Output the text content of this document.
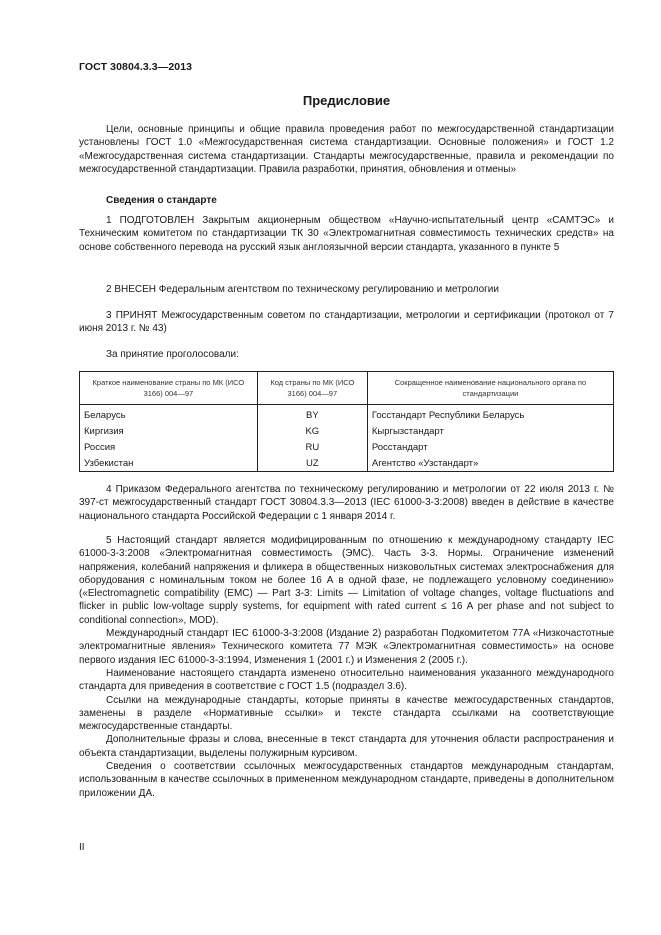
ГОСТ 30804.3.3—2013
Предисловие

Цели, основные принципы и общие правила проведения работ по межгосударственной стандартизации установлены ГОСТ 1.0 «Межгосударственная система стандартизации. Основные положения» и ГОСТ 1.2 «Межгосударственная система стандартизации. Стандарты межгосударственные, правила и рекомендации по межгосударственной стандартизации. Правила разработки, принятия, обновления и отмены»

Сведения о стандарте

1 ПОДГОТОВЛЕН Закрытым акционерным обществом «Научно-испытательный центр «САМТЭС» и Техническим комитетом по стандартизации ТК 30 «Электромагнитная совместимость технических средств» на основе собственного перевода на русский язык англоязычной версии стандарта, указанного в пункте 5

2 ВНЕСЕН Федеральным агентством по техническому регулированию и метрологии

3 ПРИНЯТ Межгосударственным советом по стандартизации, метрологии и сертификации (протокол от 7 июня 2013 г. № 43)

За принятие проголосовали:

Краткое наименование страны по МК (ИСО 3166) 004—97	Код страны по МК (ИСО 3166) 004—97	Сокращенное наименование национального органа по стандартизации
Беларусь	BY	Госстандарт Республики Беларусь
Киргизия	KG	Кыргызстандарт
Россия	RU	Росстандарт
Узбекистан	UZ	Агентство «Узстандарт»

4 Приказом Федерального агентства по техническому регулированию и метрологии от 22 июля 2013 г. № 397-ст межгосударственный стандарт ГОСТ 30804.3.3—2013 (IEC 61000-3-3:2008) введен в действие в качестве национального стандарта Российской Федерации с 1 января 2014 г.

5 Настоящий стандарт является модифицированным по отношению к международному стандарту IEC 61000-3-3:2008 «Электромагнитная совместимость (ЭМС). Часть 3-3. Нормы. Ограничение изменений напряжения, колебаний напряжения и фликера в общественных низковольтных системах электроснабжения для оборудования с номинальным током не более 16 А в одной фазе, не подлежащего условному соединению» («Electromagnetic compatibility (EMC) — Part 3-3: Limits — Limitation of voltage changes, voltage fluctuations and flicker in public low-voltage supply systems, for equipment with rated current ≤ 16 A per phase and not subject to conditional connection», MOD).

Международный стандарт IEC 61000-3-3:2008 (Издание 2) разработан Подкомитетом 77A «Низкочастотные электромагнитные явления» Технического комитета 77 МЭК «Электромагнитная совместимость» на основе первого издания IEC 61000-3-3:1994, Изменения 1 (2001 г.) и Изменения 2 (2005 г.).

Наименование настоящего стандарта изменено относительно наименования указанного международного стандарта для приведения в соответствие с ГОСТ 1.5 (подраздел 3.6).

Ссылки на международные стандарты, которые приняты в качестве межгосударственных стандартов, заменены в разделе «Нормативные ссылки» и тексте стандарта ссылками на соответствующие межгосударственные стандарты.

Дополнительные фразы и слова, внесенные в текст стандарта для уточнения области распространения и объекта стандартизации, выделены полужирным курсивом.

Сведения о соответствии ссылочных межгосударственных стандартов международным стандартам, использованным в качестве ссылочных в примененном международном стандарте, приведены в дополнительном приложении ДА.

II
